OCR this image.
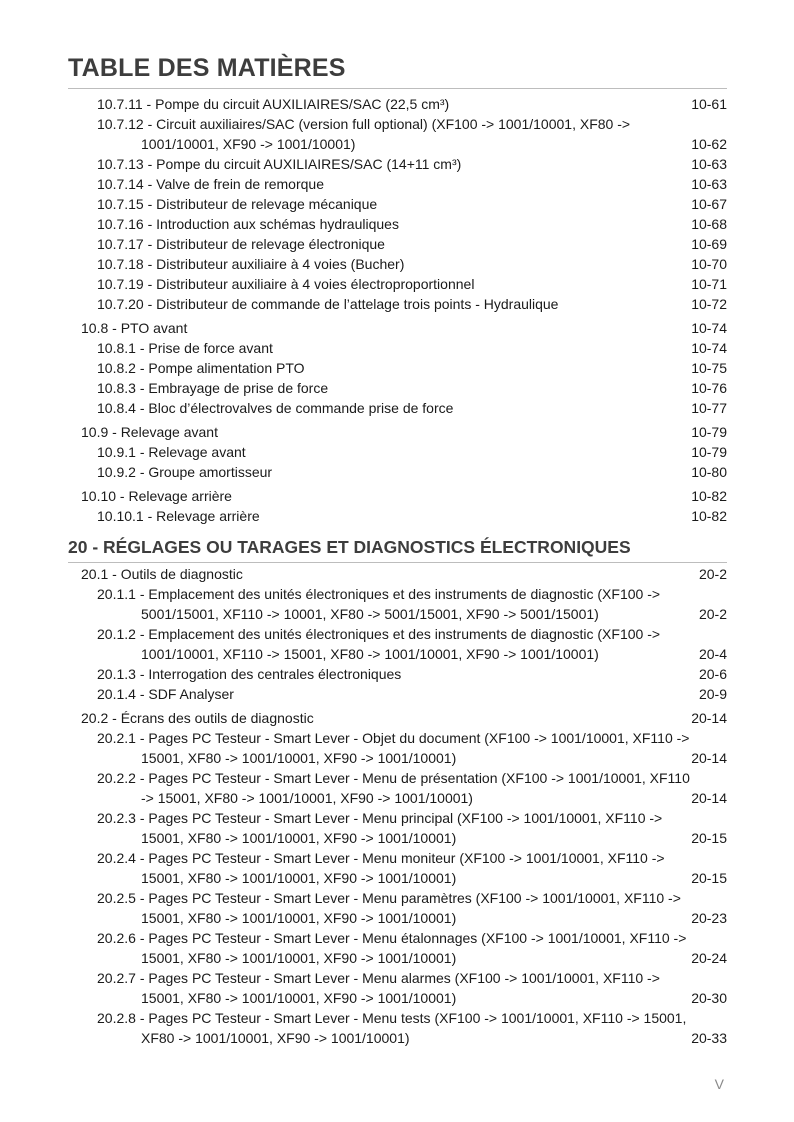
TABLE DES MATIÈRES
10.7.11 - Pompe du circuit AUXILIAIRES/SAC (22,5 cm³)	10-61
10.7.12 - Circuit auxiliaires/SAC (version full optional) (XF100 -> 1001/10001, XF80 ->
1001/10001, XF90 -> 1001/10001)	10-62
10.7.13 - Pompe du circuit AUXILIAIRES/SAC (14+11 cm³)	10-63
10.7.14 - Valve de frein de remorque	10-63
10.7.15 - Distributeur de relevage mécanique	10-67
10.7.16 - Introduction aux schémas hydrauliques	10-68
10.7.17 - Distributeur de relevage électronique	10-69
10.7.18 - Distributeur auxiliaire à 4 voies (Bucher)	10-70
10.7.19 - Distributeur auxiliaire à 4 voies électroproportionnel	10-71
10.7.20 - Distributeur de commande de l’attelage trois points - Hydraulique	10-72
10.8 - PTO avant	10-74
10.8.1 - Prise de force avant	10-74
10.8.2 - Pompe alimentation PTO	10-75
10.8.3 - Embrayage de prise de force	10-76
10.8.4 - Bloc d’électrovalves de commande prise de force	10-77
10.9 - Relevage avant	10-79
10.9.1 - Relevage avant	10-79
10.9.2 - Groupe amortisseur	10-80
10.10 - Relevage arrière	10-82
10.10.1 - Relevage arrière	10-82
20 - RÉGLAGES OU TARAGES ET DIAGNOSTICS ÉLECTRONIQUES
20.1 - Outils de diagnostic	20-2
20.1.1 - Emplacement des unités électroniques et des instruments de diagnostic (XF100 ->
5001/15001, XF110 -> 10001, XF80 -> 5001/15001, XF90 -> 5001/15001)	20-2
20.1.2 - Emplacement des unités électroniques et des instruments de diagnostic (XF100 ->
1001/10001, XF110 -> 15001, XF80 -> 1001/10001, XF90 -> 1001/10001)	20-4
20.1.3 - Interrogation des centrales électroniques	20-6
20.1.4 - SDF Analyser	20-9
20.2 - Écrans des outils de diagnostic	20-14
20.2.1 - Pages PC Testeur - Smart Lever - Objet du document (XF100 -> 1001/10001, XF110 ->
15001, XF80 -> 1001/10001, XF90 -> 1001/10001)	20-14
20.2.2 - Pages PC Testeur - Smart Lever - Menu de présentation (XF100 -> 1001/10001, XF110
-> 15001, XF80 -> 1001/10001, XF90 -> 1001/10001)	20-14
20.2.3 - Pages PC Testeur - Smart Lever - Menu principal (XF100 -> 1001/10001, XF110 ->
15001, XF80 -> 1001/10001, XF90 -> 1001/10001)	20-15
20.2.4 - Pages PC Testeur - Smart Lever - Menu moniteur (XF100 -> 1001/10001, XF110 ->
15001, XF80 -> 1001/10001, XF90 -> 1001/10001)	20-15
20.2.5 - Pages PC Testeur - Smart Lever - Menu paramètres (XF100 -> 1001/10001, XF110 ->
15001, XF80 -> 1001/10001, XF90 -> 1001/10001)	20-23
20.2.6 - Pages PC Testeur - Smart Lever - Menu étalonnages (XF100 -> 1001/10001, XF110 ->
15001, XF80 -> 1001/10001, XF90 -> 1001/10001)	20-24
20.2.7 - Pages PC Testeur - Smart Lever - Menu alarmes (XF100 -> 1001/10001, XF110 ->
15001, XF80 -> 1001/10001, XF90 -> 1001/10001)	20-30
20.2.8 - Pages PC Testeur - Smart Lever - Menu tests (XF100 -> 1001/10001, XF110 -> 15001,
XF80 -> 1001/10001, XF90 -> 1001/10001)	20-33
V
